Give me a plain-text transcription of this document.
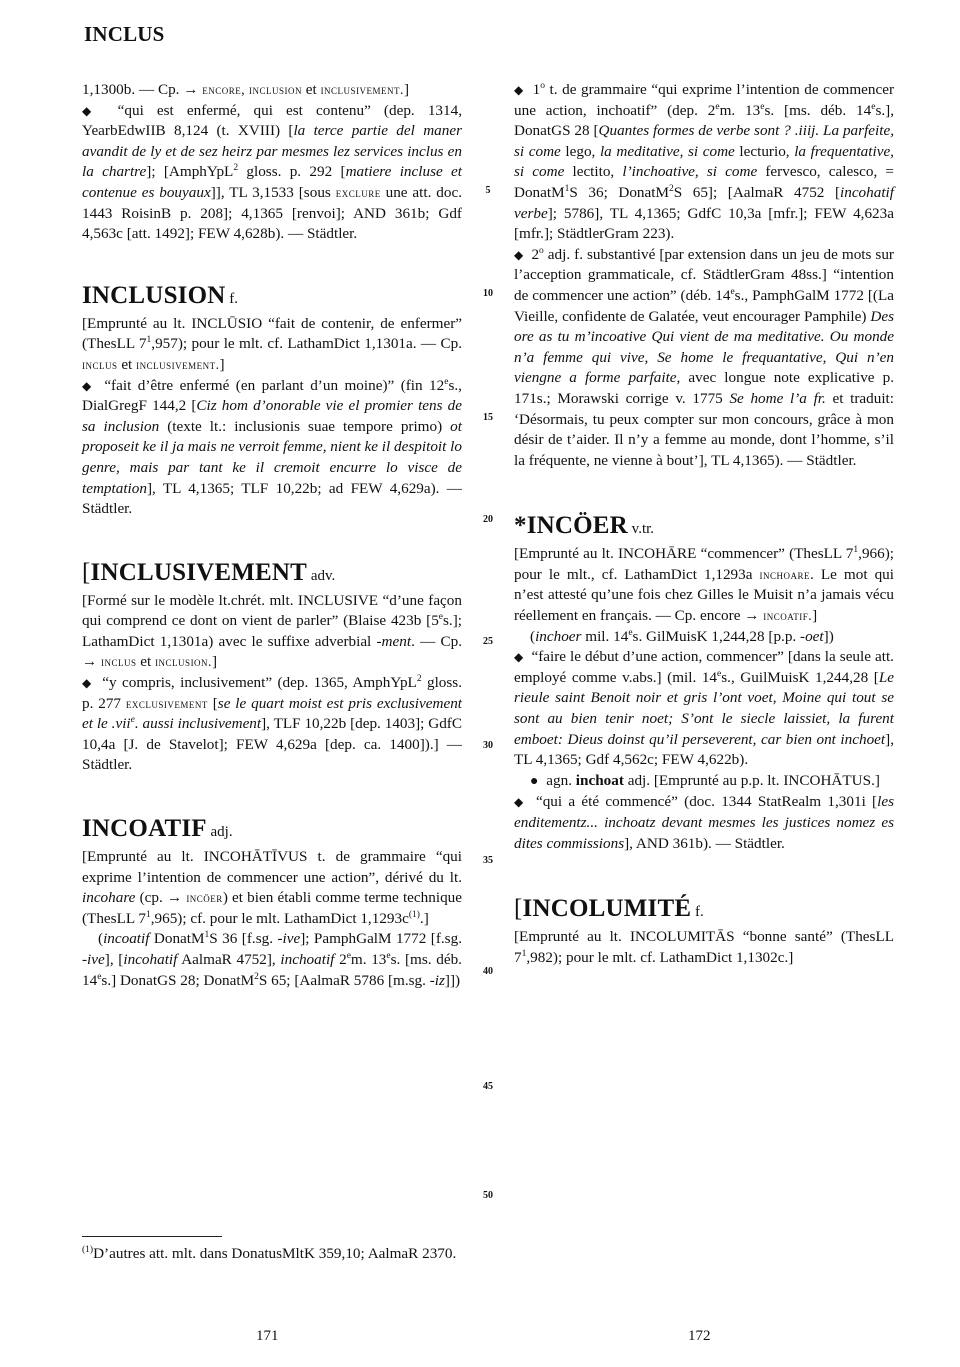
INCLUS

1,1300b. — Cp. → encore, inclusion et inclusivement.]

◆ “qui est enfermé, qui est contenu” (dep. 1314, YearbEdwIIB 8,124 (t. XVIII) [la terce partie del maner avandit de ly et de sez heirz par mesmes lez services inclus en la chartre]; [AmphYpL$^2$ gloss. p. 292 [matiere incluse et contenue es bouyaux]], TL 3,1533 [sous exclure une att. doc. 1443 RoisinB p. 208]; 4,1365 [renvoi]; AND 361b; Gdf 4,563c [att. 1492]; FEW 4,628b). — Städtler.

INCLUSION f.

[Emprunté au lt. INCLŪSIO “fait de contenir, de enfermer” (ThesLL $7^1,957$); pour le mlt. cf. LathamDict 1,1301a. — Cp. inclus et inclusivement.]

◆ “fait d’être enfermé (en parlant d’un moine)” (fin 12es., DialGregF 144,2 [Ciz hom d’onorable vie el promier tens de sa inclusion (texte lt.: inclusionis suae tempore primo) ot proposeit ke il ja mais ne verroit femme, nient ke il despitoit lo genre, mais par tant ke il cremoit encurre lo visce de temptation], TL 4,1365; TLF 10,22b; ad FEW 4,629a). — Städtler.

[INCLUSIVEMENT adv.

[Formé sur le modèle lt.chrét. mlt. INCLUSIVE “d’une façon qui comprend ce dont on vient de parler” (Blaise 423b [5es.]; LathamDict 1,1301a) avec le suffixe adverbial -ment. — Cp. → inclus et inclusion.]

◆ “y compris, inclusivement” (dep. 1365, AmphYpL$^2$ gloss. p. 277 exclusivement [se le quart moist est pris exclusivement et le .vii$^e$. aussi inclusivement], TLF 10,22b [dep. 1403]; GdfC 10,4a [J. de Stavelot]; FEW 4,629a [dep. ca. 1400]).] — Städtler.

INCOATIF adj.

[Emprunté au lt. INCOHĀTĪVUS t. de grammaire “qui exprime l’intention de commencer une action”, dérivé du lt. incohare (cp. → incöer) et bien établi comme terme technique (ThesLL $7^1,965$); cf. pour le mlt. LathamDict $1,1293c^{(1)}$.]

(incoatif DonatM$^1$S 36 [f.sg. -ive]; PamphGalM 1772 [f.sg. -ive], [incohatif AalmaR 4752], inchoatif 2em. 13es. [ms. déb. 14es.] DonatGS 28; DonatM$^2$S 65; [AalmaR 5786 [m.sg. -iz]])

$^{(1)}$D’autres att. mlt. dans DonatusMltK 359,10; AalmaR 2370.
5
10
15
20
25
30
35
40
45
50

◆ 1$^o$ t. de grammaire “qui exprime l’intention de commencer une action, inchoatif” (dep. 2em. 13es. [ms. déb. 14es.], DonatGS 28 [Quantes formes de verbe sont ? .iiij. La parfeite, si come lego, la meditative, si come lecturio, la frequentative, si come lectito, l’inchoative, si come fervesco, calesco, = DonatM$^1$S 36; DonatM$^2$S 65]; [AalmaR 4752 [incohatif verbe]; 5786], TL 4,1365; GdfC 10,3a [mfr.]; FEW 4,623a [mfr.]; StädtlerGram 223).

◆ 2$^o$ adj. f. substantivé [par extension dans un jeu de mots sur l’acception grammaticale, cf. StädtlerGram 48ss.] “intention de commencer une action” (déb. 14es., PamphGalM 1772 [(La Vieille, confidente de Galatée, veut encourager Pamphile) Des ore as tu m’incoative Qui vient de ma meditative. Ou monde n’a femme qui vive, Se home le frequantative, Qui n’en viengne a forme parfaite, avec longue note explicative p. 171s.; Morawski corrige v. 1775 Se home l’a fr. et traduit: ‘Désormais, tu peux compter sur mon concours, grâce à mon désir de t’aider. Il n’y a femme au monde, dont l’homme, s’il la fréquente, ne vienne à bout’], TL 4,1365). — Städtler.

*INCÖER v.tr.

[Emprunté au lt. INCOHĀRE “commencer” (ThesLL $7^1,966$); pour le mlt., cf. LathamDict 1,1293a inchoare. Le mot qui n’est attesté qu’une fois chez Gilles le Muisit n’a jamais vécu réellement en français. — Cp. encore → incoatif.]

(inchoer mil. 14es. GilMuisK 1,244,28 [p.p. -oet])

◆ “faire le début d’une action, commencer” [dans la seule att. employé comme v.abs.] (mil. 14es., GuilMuisK 1,244,28 [Le rieule saint Benoit noir et gris l’ont voet, Moine qui tout se sont au bien tenir noet; S’ont le siecle laissiet, la furent emboet: Dieus doinst qu’il perseverent, car bien ont inchoet], TL 4,1365; Gdf 4,562c; FEW 4,622b).

● agn. inchoat adj. [Emprunté au p.p. lt. INCOHĀTUS.]

◆ “qui a été commencé” (doc. 1344 StatRealm 1,301i [les enditementz... inchoatz devant mesmes les justices nomez es dites commissions], AND 361b). — Städtler.

[INCOLUMITÉ f.

[Emprunté au lt. INCOLUMITĀS “bonne santé” (ThesLL $7^1,982$); pour le mlt. cf. LathamDict 1,1302c.]

171	172
